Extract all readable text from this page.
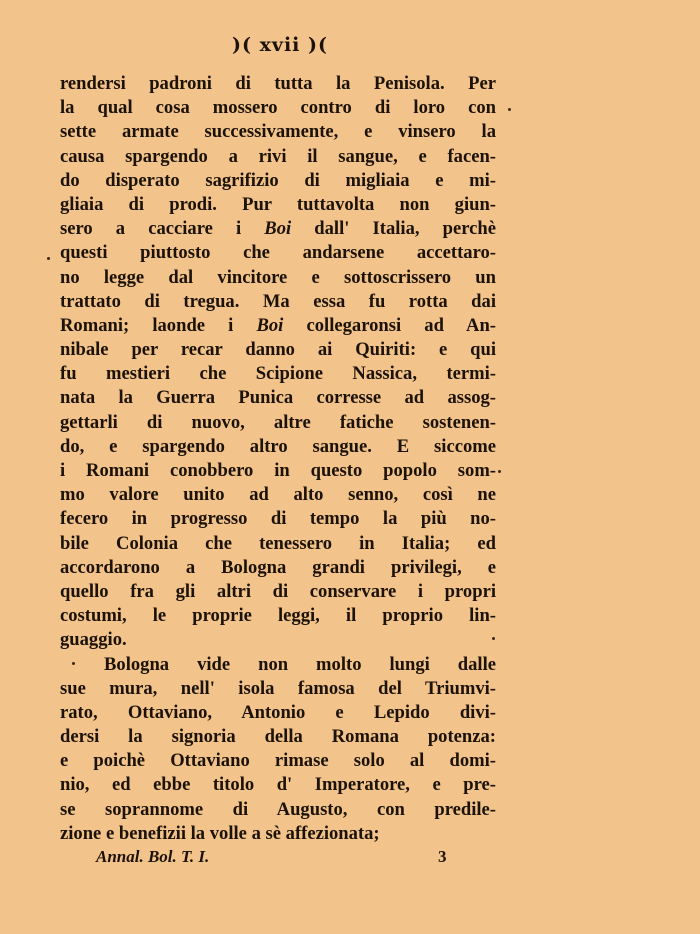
)( xvii )(
rendersi padroni di tutta la Penisola. Per
la qual cosa mossero contro di loro con
sette armate successivamente, e vinsero la
causa spargendo a rivi il sangue, e facen-
do disperato sagrifizio di migliaia e mi-
gliaia di prodi. Pur tuttavolta non giun-
sero a cacciare i Boi dall' Italia, perchè
questi piuttosto che andarsene accettaro-
no legge dal vincitore e sottoscrissero un
trattato di tregua. Ma essa fu rotta dai
Romani; laonde i Boi collegaronsi ad An-
nibale per recar danno ai Quiriti: e qui
fu mestieri che Scipione Nassica, termi-
nata la Guerra Punica corresse ad assog-
gettarli di nuovo, altre fatiche sostenen-
do, e spargendo altro sangue. E siccome
i Romani conobbero in questo popolo som-
mo valore unito ad alto senno, così ne
fecero in progresso di tempo la più no-
bile Colonia che tenessero in Italia; ed
accordarono a Bologna grandi privilegi, e
quello fra gli altri di conservare i propri
costumi, le proprie leggi, il proprio lin-
guaggio.
Bologna vide non molto lungi dalle
sue mura, nell' isola famosa del Triumvi-
rato, Ottaviano, Antonio e Lepido divi-
dersi la signoria della Romana potenza:
e poichè Ottaviano rimase solo al domi-
nio, ed ebbe titolo d' Imperatore, e pre-
se soprannome di Augusto, con predile-
zione e benefizii la volle a sè affezionata;
Annal. Bol. T. I.	3
